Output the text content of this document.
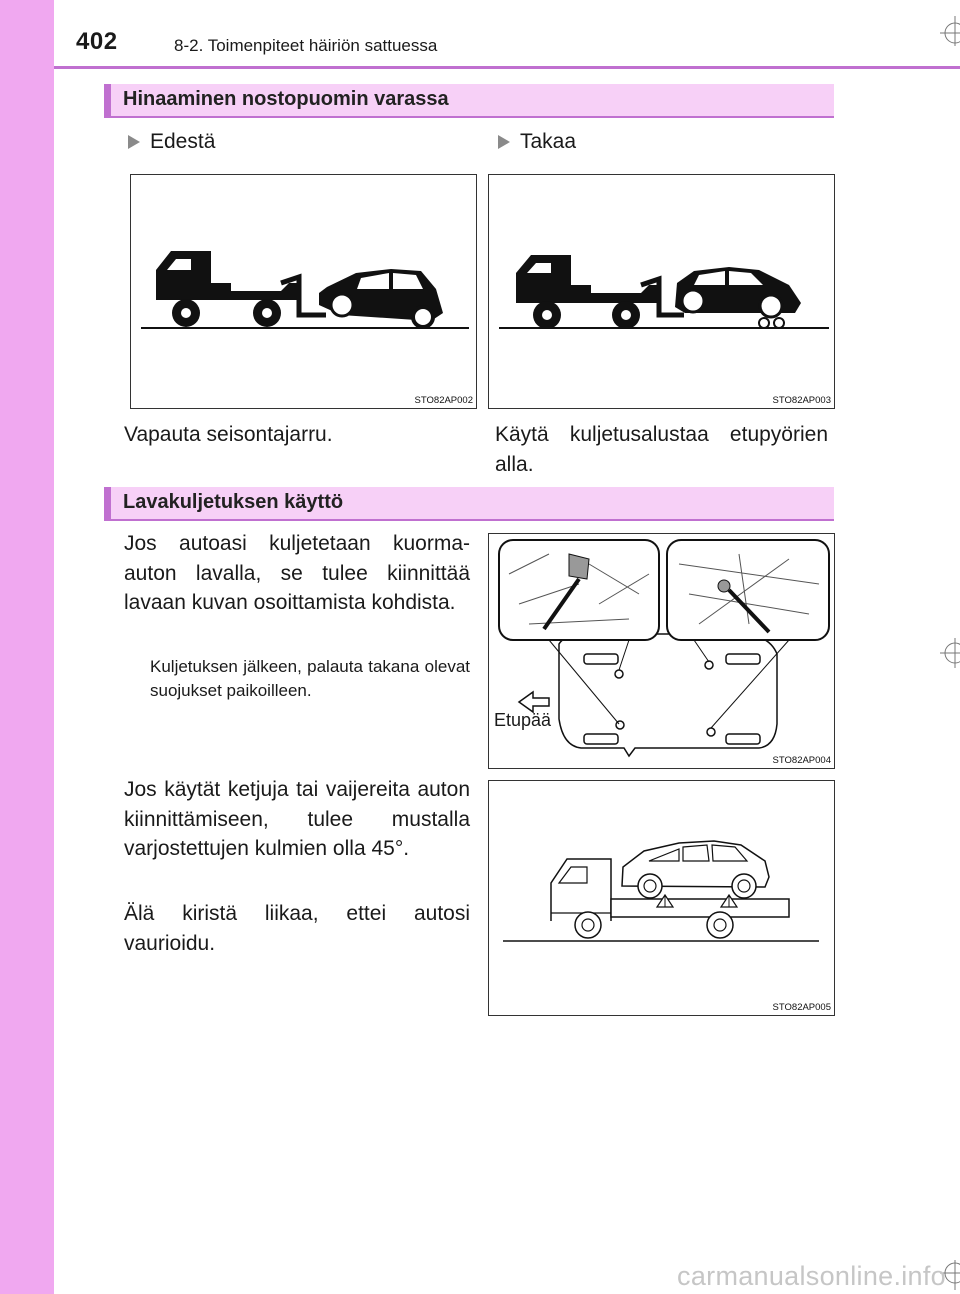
402	8-2. Toimenpiteet häiriön sattuessa
Hinaaminen nostopuomin varassa
Edestä	Takaa
STO82AP002	STO82AP003
Vapauta seisontajarru.	Käytä kuljetusalustaa etupyörien alla.
Lavakuljetuksen käyttö
Jos autoasi kuljetetaan kuorma-auton lavalla, se tulee kiinnittää lavaan kuvan osoittamista kohdista.
Kuljetuksen jälkeen, palauta takana olevat suojukset paikoilleen.
Etupää
STO82AP004
Jos käytät ketjuja tai vaijereita auton kiinnittämiseen, tulee mustalla varjostettujen kulmien olla 45°.
Älä kiristä liikaa, ettei autosi vaurioidu.
STO82AP005
carmanualsonline.info
